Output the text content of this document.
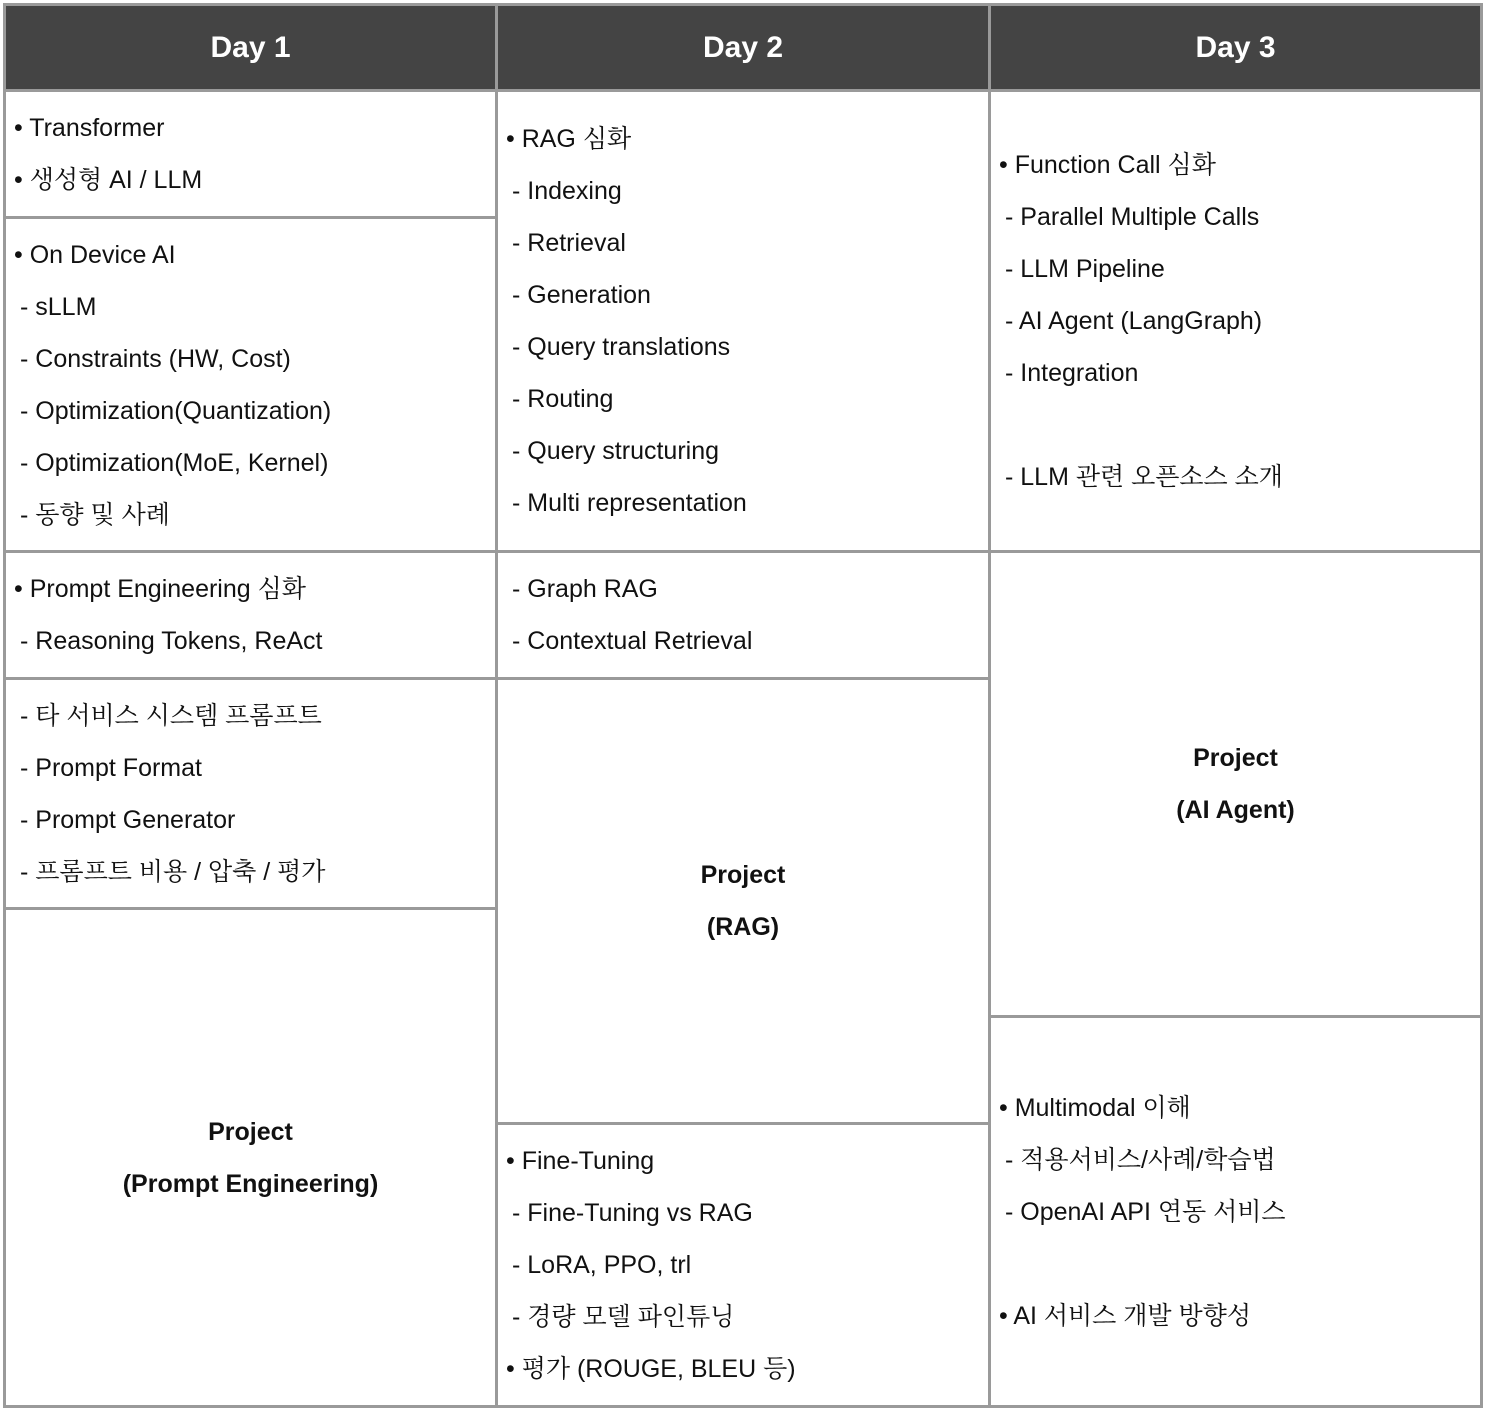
Day 1	Day 2	Day 3
• Transformer
• 생성형 AI / LLM
• On Device AI
- sLLM
- Constraints (HW, Cost)
- Optimization(Quantization)
- Optimization(MoE, Kernel)
- 동향 및 사례
• Prompt Engineering 심화
- Reasoning Tokens, ReAct
- 타 서비스 시스템 프롬프트
- Prompt Format
- Prompt Generator
- 프롬프트 비용 / 압축 / 평가
Project
(Prompt Engineering)
• RAG 심화
- Indexing
- Retrieval
- Generation
- Query translations
- Routing
- Query structuring
- Multi representation
- Graph RAG
- Contextual Retrieval
Project
(RAG)
• Fine-Tuning
- Fine-Tuning vs RAG
- LoRA, PPO, trl
- 경량 모델 파인튜닝
• 평가 (ROUGE, BLEU 등)
• Function Call 심화
- Parallel Multiple Calls
- LLM Pipeline
- AI Agent (LangGraph)
- Integration
- LLM 관련 오픈소스 소개
Project
(AI Agent)
• Multimodal 이해
- 적용서비스/사례/학습법
- OpenAI API 연동 서비스
• AI 서비스 개발 방향성
